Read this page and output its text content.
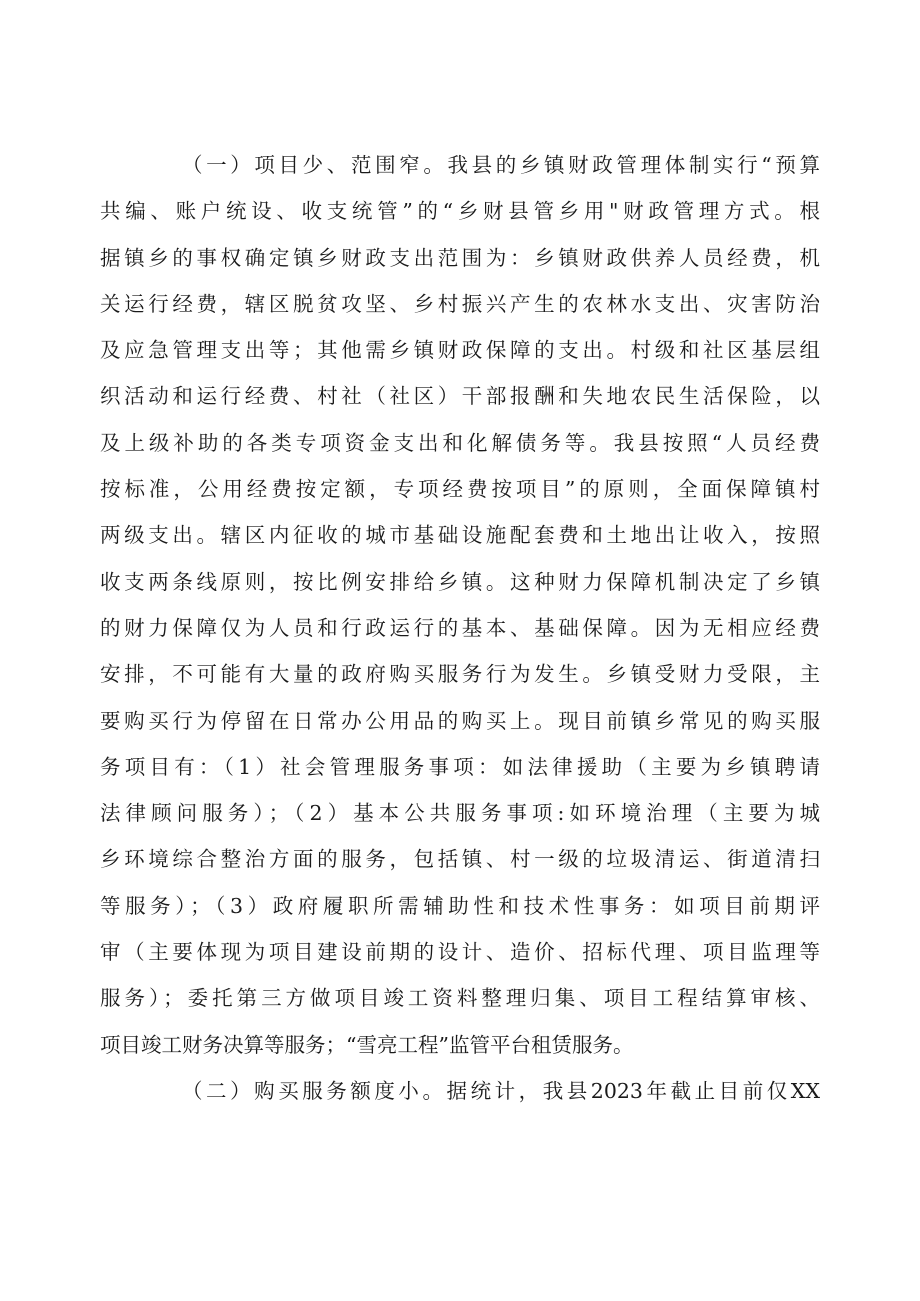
（一）项目少、范围窄。我县的乡镇财政管理体制实行“预算
共编、账户统设、收支统管”的“乡财县管乡用"财政管理方式。根
据镇乡的事权确定镇乡财政支出范围为：乡镇财政供养人员经费，机
关运行经费，辖区脱贫攻坚、乡村振兴产生的农林水支出、灾害防治
及应急管理支出等；其他需乡镇财政保障的支出。村级和社区基层组
织活动和运行经费、村社（社区）干部报酬和失地农民生活保险，以
及上级补助的各类专项资金支出和化解债务等。我县按照“人员经费
按标准，公用经费按定额，专项经费按项目”的原则，全面保障镇村
两级支出。辖区内征收的城市基础设施配套费和土地出让收入，按照
收支两条线原则，按比例安排给乡镇。这种财力保障机制决定了乡镇
的财力保障仅为人员和行政运行的基本、基础保障。因为无相应经费
安排，不可能有大量的政府购买服务行为发生。乡镇受财力受限，主
要购买行为停留在日常办公用品的购买上。现目前镇乡常见的购买服
务项目有：（1）社会管理服务事项：如法律援助（主要为乡镇聘请
法律顾问服务）；（2）基本公共服务事项:如环境治理（主要为城
乡环境综合整治方面的服务，包括镇、村一级的垃圾清运、街道清扫
等服务）；（3）政府履职所需辅助性和技术性事务：如项目前期评
审（主要体现为项目建设前期的设计、造价、招标代理、项目监理等
服务）；委托第三方做项目竣工资料整理归集、项目工程结算审核、
项目竣工财务决算等服务；“雪亮工程”监管平台租赁服务。
（二）购买服务额度小。据统计，我县2023年截止目前仅XX
